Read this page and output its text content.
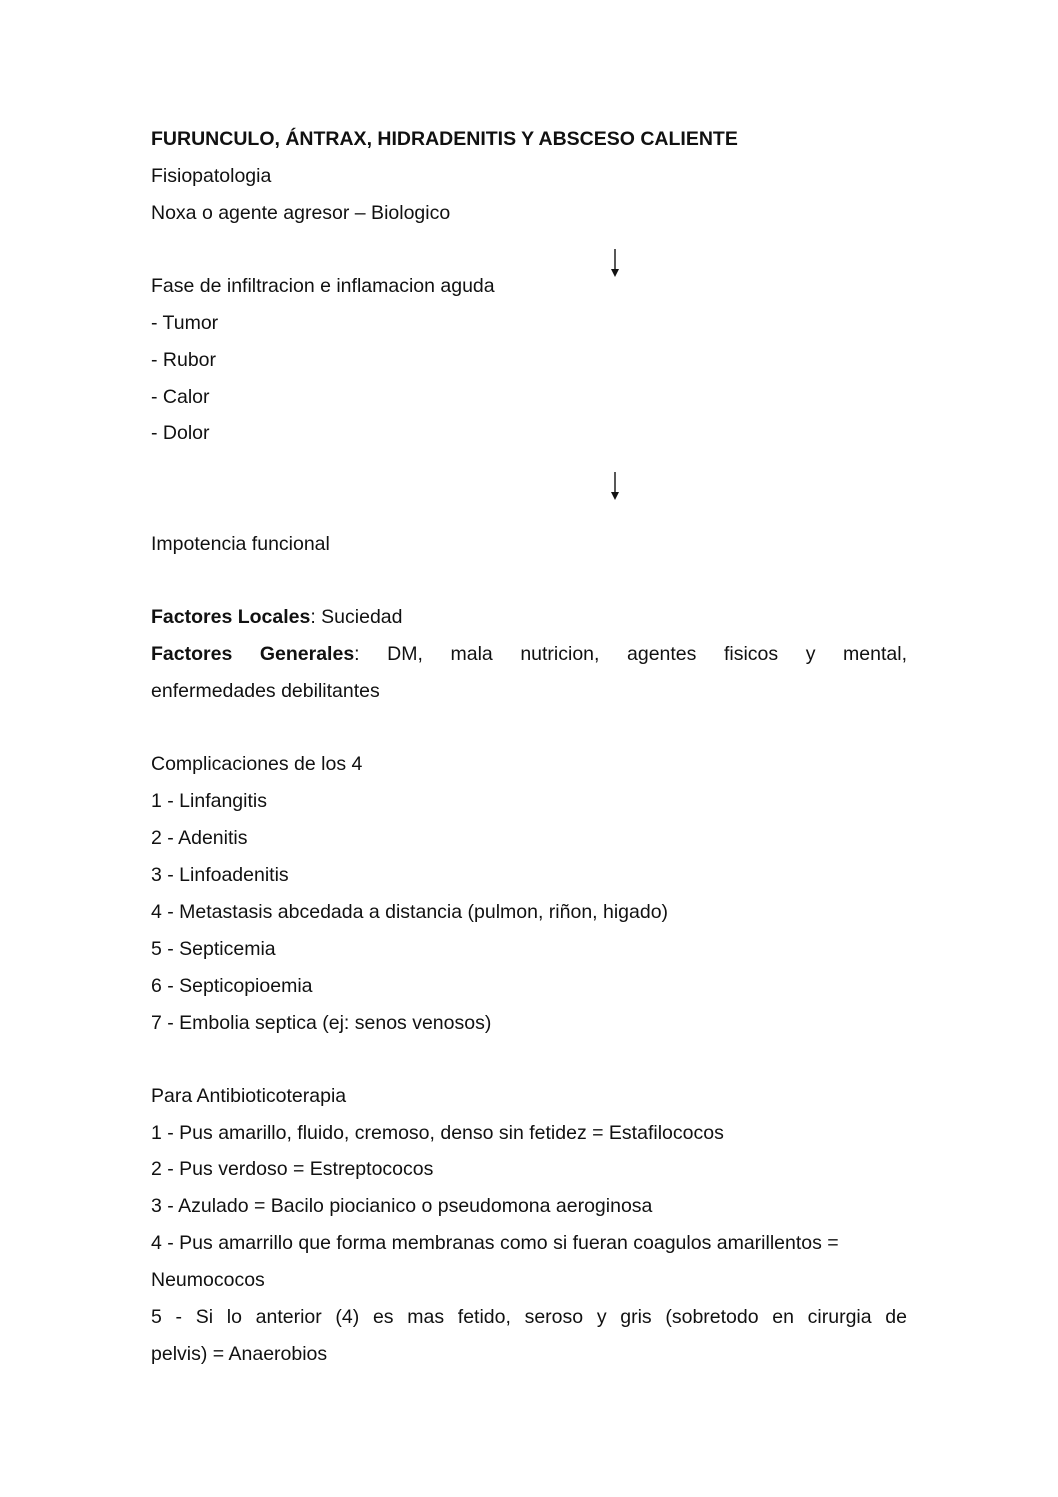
FURUNCULO, ÁNTRAX, HIDRADENITIS Y ABSCESO CALIENTE
Fisiopatologia
Noxa o agente agresor – Biologico
Fase de infiltracion e inflamacion aguda
- Tumor
- Rubor
- Calor
- Dolor
Impotencia funcional
Factores Locales: Suciedad
Factores Generales: DM, mala nutricion, agentes fisicos y mental,
enfermedades debilitantes
Complicaciones de los 4
1 - Linfangitis
2 - Adenitis
3 - Linfoadenitis
4 - Metastasis abcedada a distancia (pulmon, riñon, higado)
5 - Septicemia
6 - Septicopioemia
7 - Embolia septica (ej: senos venosos)
Para Antibioticoterapia
1 - Pus amarillo, fluido, cremoso, denso sin fetidez = Estafilococos
2 - Pus verdoso = Estreptococos
3 - Azulado = Bacilo piocianico o pseudomona aeroginosa
4 - Pus amarrillo que forma membranas como si fueran coagulos amarillentos =
Neumococos
5 - Si lo anterior (4) es mas fetido, seroso y gris (sobretodo en cirurgia de
pelvis) = Anaerobios
